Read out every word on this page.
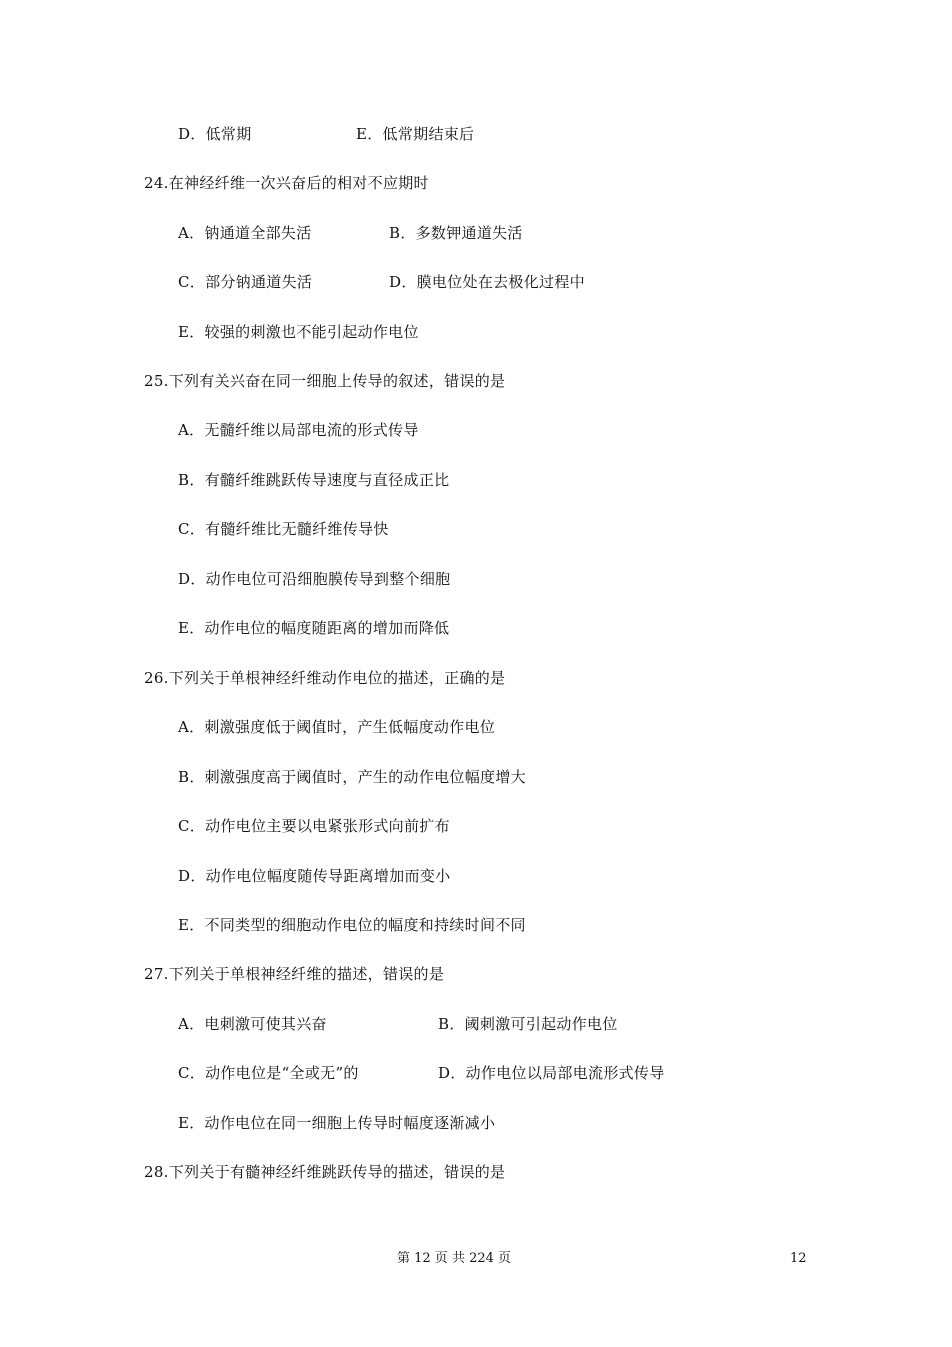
D．低常期	E．低常期结束后
24.在神经纤维一次兴奋后的相对不应期时
A．钠通道全部失活	B．多数钾通道失活
C．部分钠通道失活	D．膜电位处在去极化过程中
E．较强的刺激也不能引起动作电位
25.下列有关兴奋在同一细胞上传导的叙述，错误的是
A．无髓纤维以局部电流的形式传导
B．有髓纤维跳跃传导速度与直径成正比
C．有髓纤维比无髓纤维传导快
D．动作电位可沿细胞膜传导到整个细胞
E．动作电位的幅度随距离的增加而降低
26.下列关于单根神经纤维动作电位的描述，正确的是
A．刺激强度低于阈值时，产生低幅度动作电位
B．刺激强度高于阈值时，产生的动作电位幅度增大
C．动作电位主要以电紧张形式向前扩布
D．动作电位幅度随传导距离增加而变小
E．不同类型的细胞动作电位的幅度和持续时间不同
27.下列关于单根神经纤维的描述，错误的是
A．电刺激可使其兴奋	B．阈刺激可引起动作电位
C．动作电位是“全或无”的	D．动作电位以局部电流形式传导
E．动作电位在同一细胞上传导时幅度逐渐减小
28.下列关于有髓神经纤维跳跃传导的描述，错误的是
第 12 页 共 224 页	12
